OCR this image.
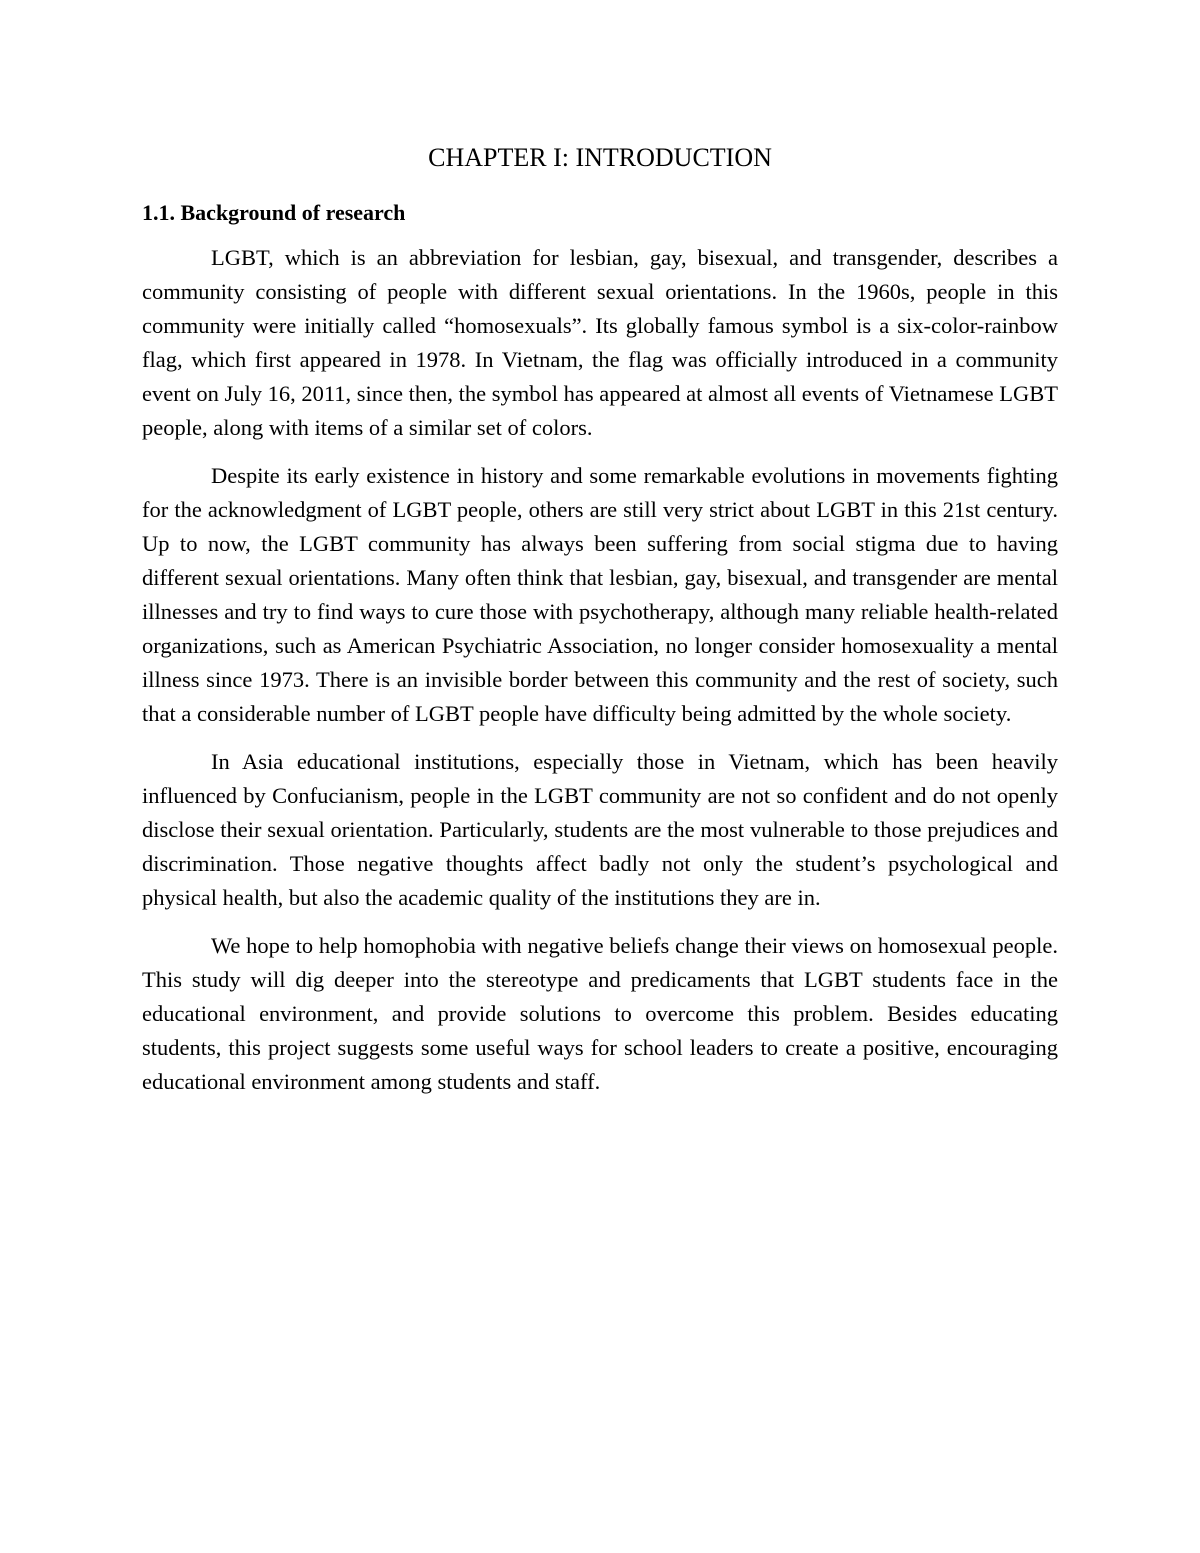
CHAPTER I: INTRODUCTION
1.1. Background of research

LGBT, which is an abbreviation for lesbian, gay, bisexual, and transgender, describes a community consisting of people with different sexual orientations. In the 1960s, people in this community were initially called “homosexuals”. Its globally famous symbol is a six-color-rainbow flag, which first appeared in 1978. In Vietnam, the flag was officially introduced in a community event on July 16, 2011, since then, the symbol has appeared at almost all events of Vietnamese LGBT people, along with items of a similar set of colors.

Despite its early existence in history and some remarkable evolutions in movements fighting for the acknowledgment of LGBT people, others are still very strict about LGBT in this 21st century. Up to now, the LGBT community has always been suffering from social stigma due to having different sexual orientations. Many often think that lesbian, gay, bisexual, and transgender are mental illnesses and try to find ways to cure those with psychotherapy, although many reliable health-related organizations, such as American Psychiatric Association, no longer consider homosexuality a mental illness since 1973. There is an invisible border between this community and the rest of society, such that a considerable number of LGBT people have difficulty being admitted by the whole society.

In Asia educational institutions, especially those in Vietnam, which has been heavily influenced by Confucianism, people in the LGBT community are not so confident and do not openly disclose their sexual orientation. Particularly, students are the most vulnerable to those prejudices and discrimination. Those negative thoughts affect badly not only the student’s psychological and physical health, but also the academic quality of the institutions they are in.

We hope to help homophobia with negative beliefs change their views on homosexual people. This study will dig deeper into the stereotype and predicaments that LGBT students face in the educational environment, and provide solutions to overcome this problem. Besides educating students, this project suggests some useful ways for school leaders to create a positive, encouraging educational environment among students and staff.
